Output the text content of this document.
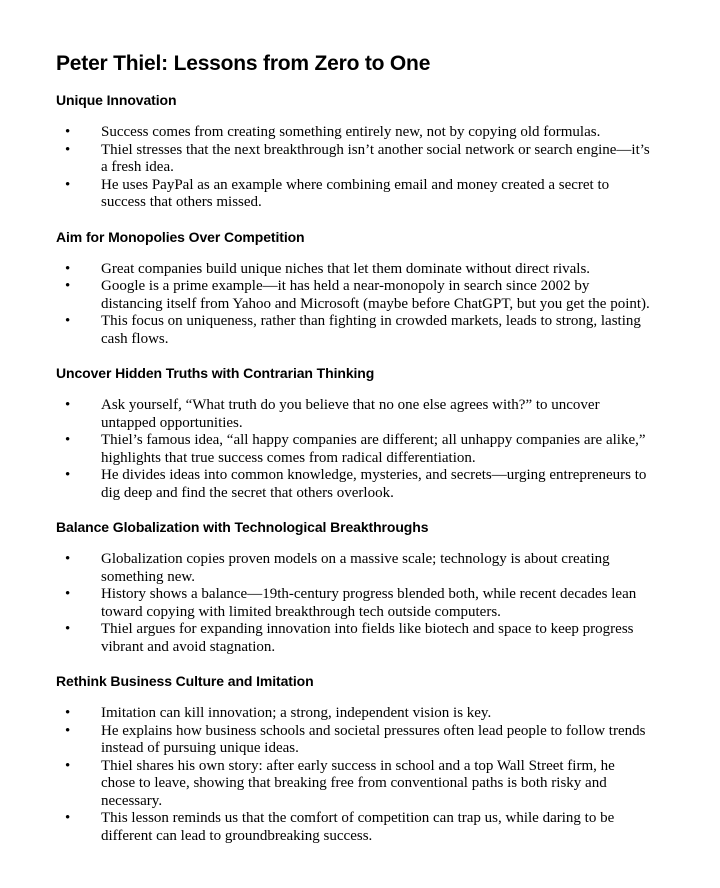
Peter Thiel: Lessons from Zero to One
Unique Innovation
• Success comes from creating something entirely new, not by copying old formulas.
• Thiel stresses that the next breakthrough isn’t another social network or search engine—it’s a fresh idea.
• He uses PayPal as an example where combining email and money created a secret to success that others missed.
Aim for Monopolies Over Competition
• Great companies build unique niches that let them dominate without direct rivals.
• Google is a prime example—it has held a near-monopoly in search since 2002 by distancing itself from Yahoo and Microsoft (maybe before ChatGPT, but you get the point).
• This focus on uniqueness, rather than fighting in crowded markets, leads to strong, lasting cash flows.
Uncover Hidden Truths with Contrarian Thinking
• Ask yourself, “What truth do you believe that no one else agrees with?” to uncover untapped opportunities.
• Thiel’s famous idea, “all happy companies are different; all unhappy companies are alike,” highlights that true success comes from radical differentiation.
• He divides ideas into common knowledge, mysteries, and secrets—urging entrepreneurs to dig deep and find the secret that others overlook.
Balance Globalization with Technological Breakthroughs
• Globalization copies proven models on a massive scale; technology is about creating something new.
• History shows a balance—19th-century progress blended both, while recent decades lean toward copying with limited breakthrough tech outside computers.
• Thiel argues for expanding innovation into fields like biotech and space to keep progress vibrant and avoid stagnation.
Rethink Business Culture and Imitation
• Imitation can kill innovation; a strong, independent vision is key.
• He explains how business schools and societal pressures often lead people to follow trends instead of pursuing unique ideas.
• Thiel shares his own story: after early success in school and a top Wall Street firm, he chose to leave, showing that breaking free from conventional paths is both risky and necessary.
• This lesson reminds us that the comfort of competition can trap us, while daring to be different can lead to groundbreaking success.
